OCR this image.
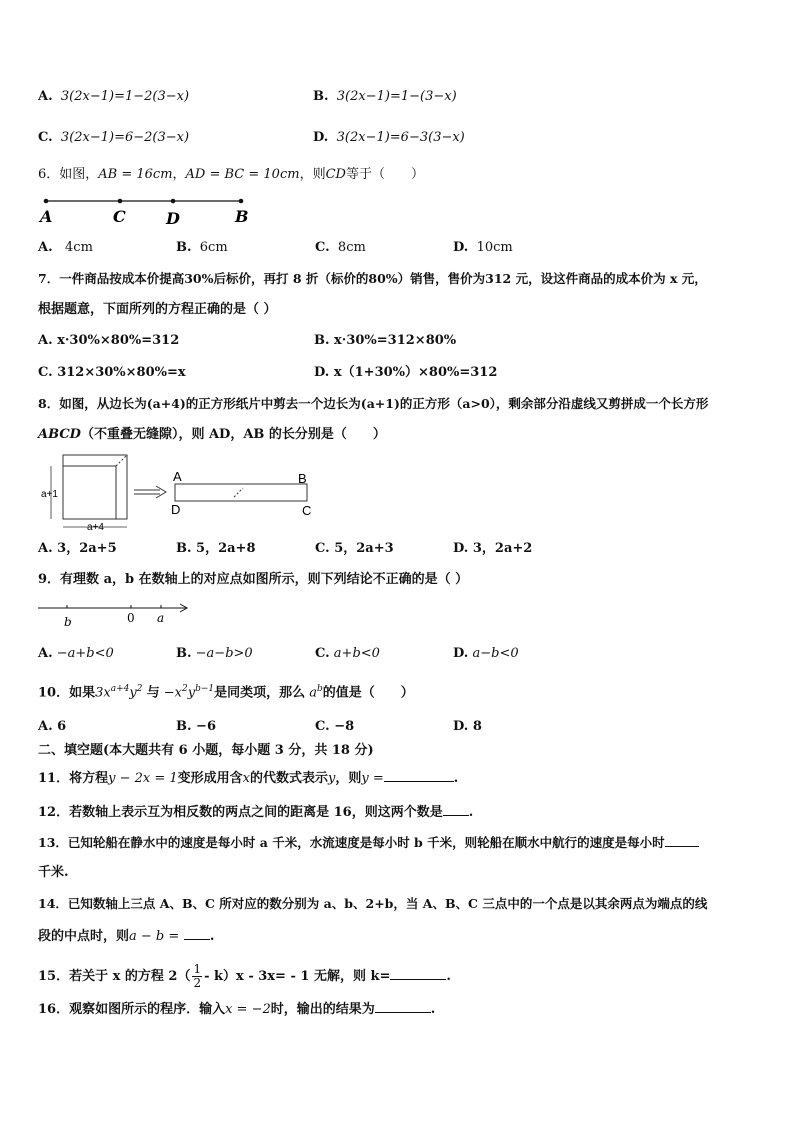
A. 3(2x−1)=1−2(3−x)	B. 3(2x−1)=1−(3−x)
C. 3(2x−1)=6−2(3−x)	D. 3(2x−1)=6−3(3−x)
6．如图，AB = 16cm，AD = BC = 10cm，则CD等于（　　）
A	C	D	B
A. 4cm	B. 6cm	C. 8cm	D. 10cm
7．一件商品按成本价提高30%后标价，再打 8 折（标价的80%）销售，售价为312 元，设这件商品的成本价为 x 元，
根据题意，下面所列的方程正确的是（ ）
A. x·30%×80%=312	B. x·30%=312×80%
C. 312×30%×80%=x	D. x（1+30%）×80%=312
8．如图，从边长为(a+4)的正方形纸片中剪去一个边长为(a+1)的正方形（a>0），剩余部分沿虚线又剪拼成一个长方形
ABCD（不重叠无缝隙），则 AD，AB 的长分别是（　　）
a+1
a+4
A	B
D	C
A. 3，2a+5	B. 5，2a+8	C. 5，2a+3	D. 3，2a+2
9．有理数 a，b 在数轴上的对应点如图所示，则下列结论不正确的是（ ）
b	0 a
A. −a+b<0	B. −a−b>0	C. a+b<0	D. a−b<0
10．如果$3x^{a+4}y^2$ 与 $-x^2y^{b-1}$是同类项，那么 $a^b$的值是（　　）
A. 6	B. −6	C. −8	D. 8
二、填空题(本大题共有 6 小题，每小题 3 分，共 18 分)
11．将方程y − 2x = 1变形成用含x的代数式表示y，则y =	.
12．若数轴上表示互为相反数的两点之间的距离是 16，则这两个数是 .
13．已知轮船在静水中的速度是每小时 a 千米，水流速度是每小时 b 千米，则轮船在顺水中航行的速度是每小时
千米.
14．已知数轴上三点 A、B、C 所对应的数分别为 a、b、2+b，当 A、B、C 三点中的一个点是以其余两点为端点的线
段的中点时，则a − b = .
15．若关于 x 的方程 $2( \frac{1}{2} - k)x - 3x= - 1$ 无解，则 k=	.
16．观察如图所示的程序．输入x = −2时，输出的结果为	.
